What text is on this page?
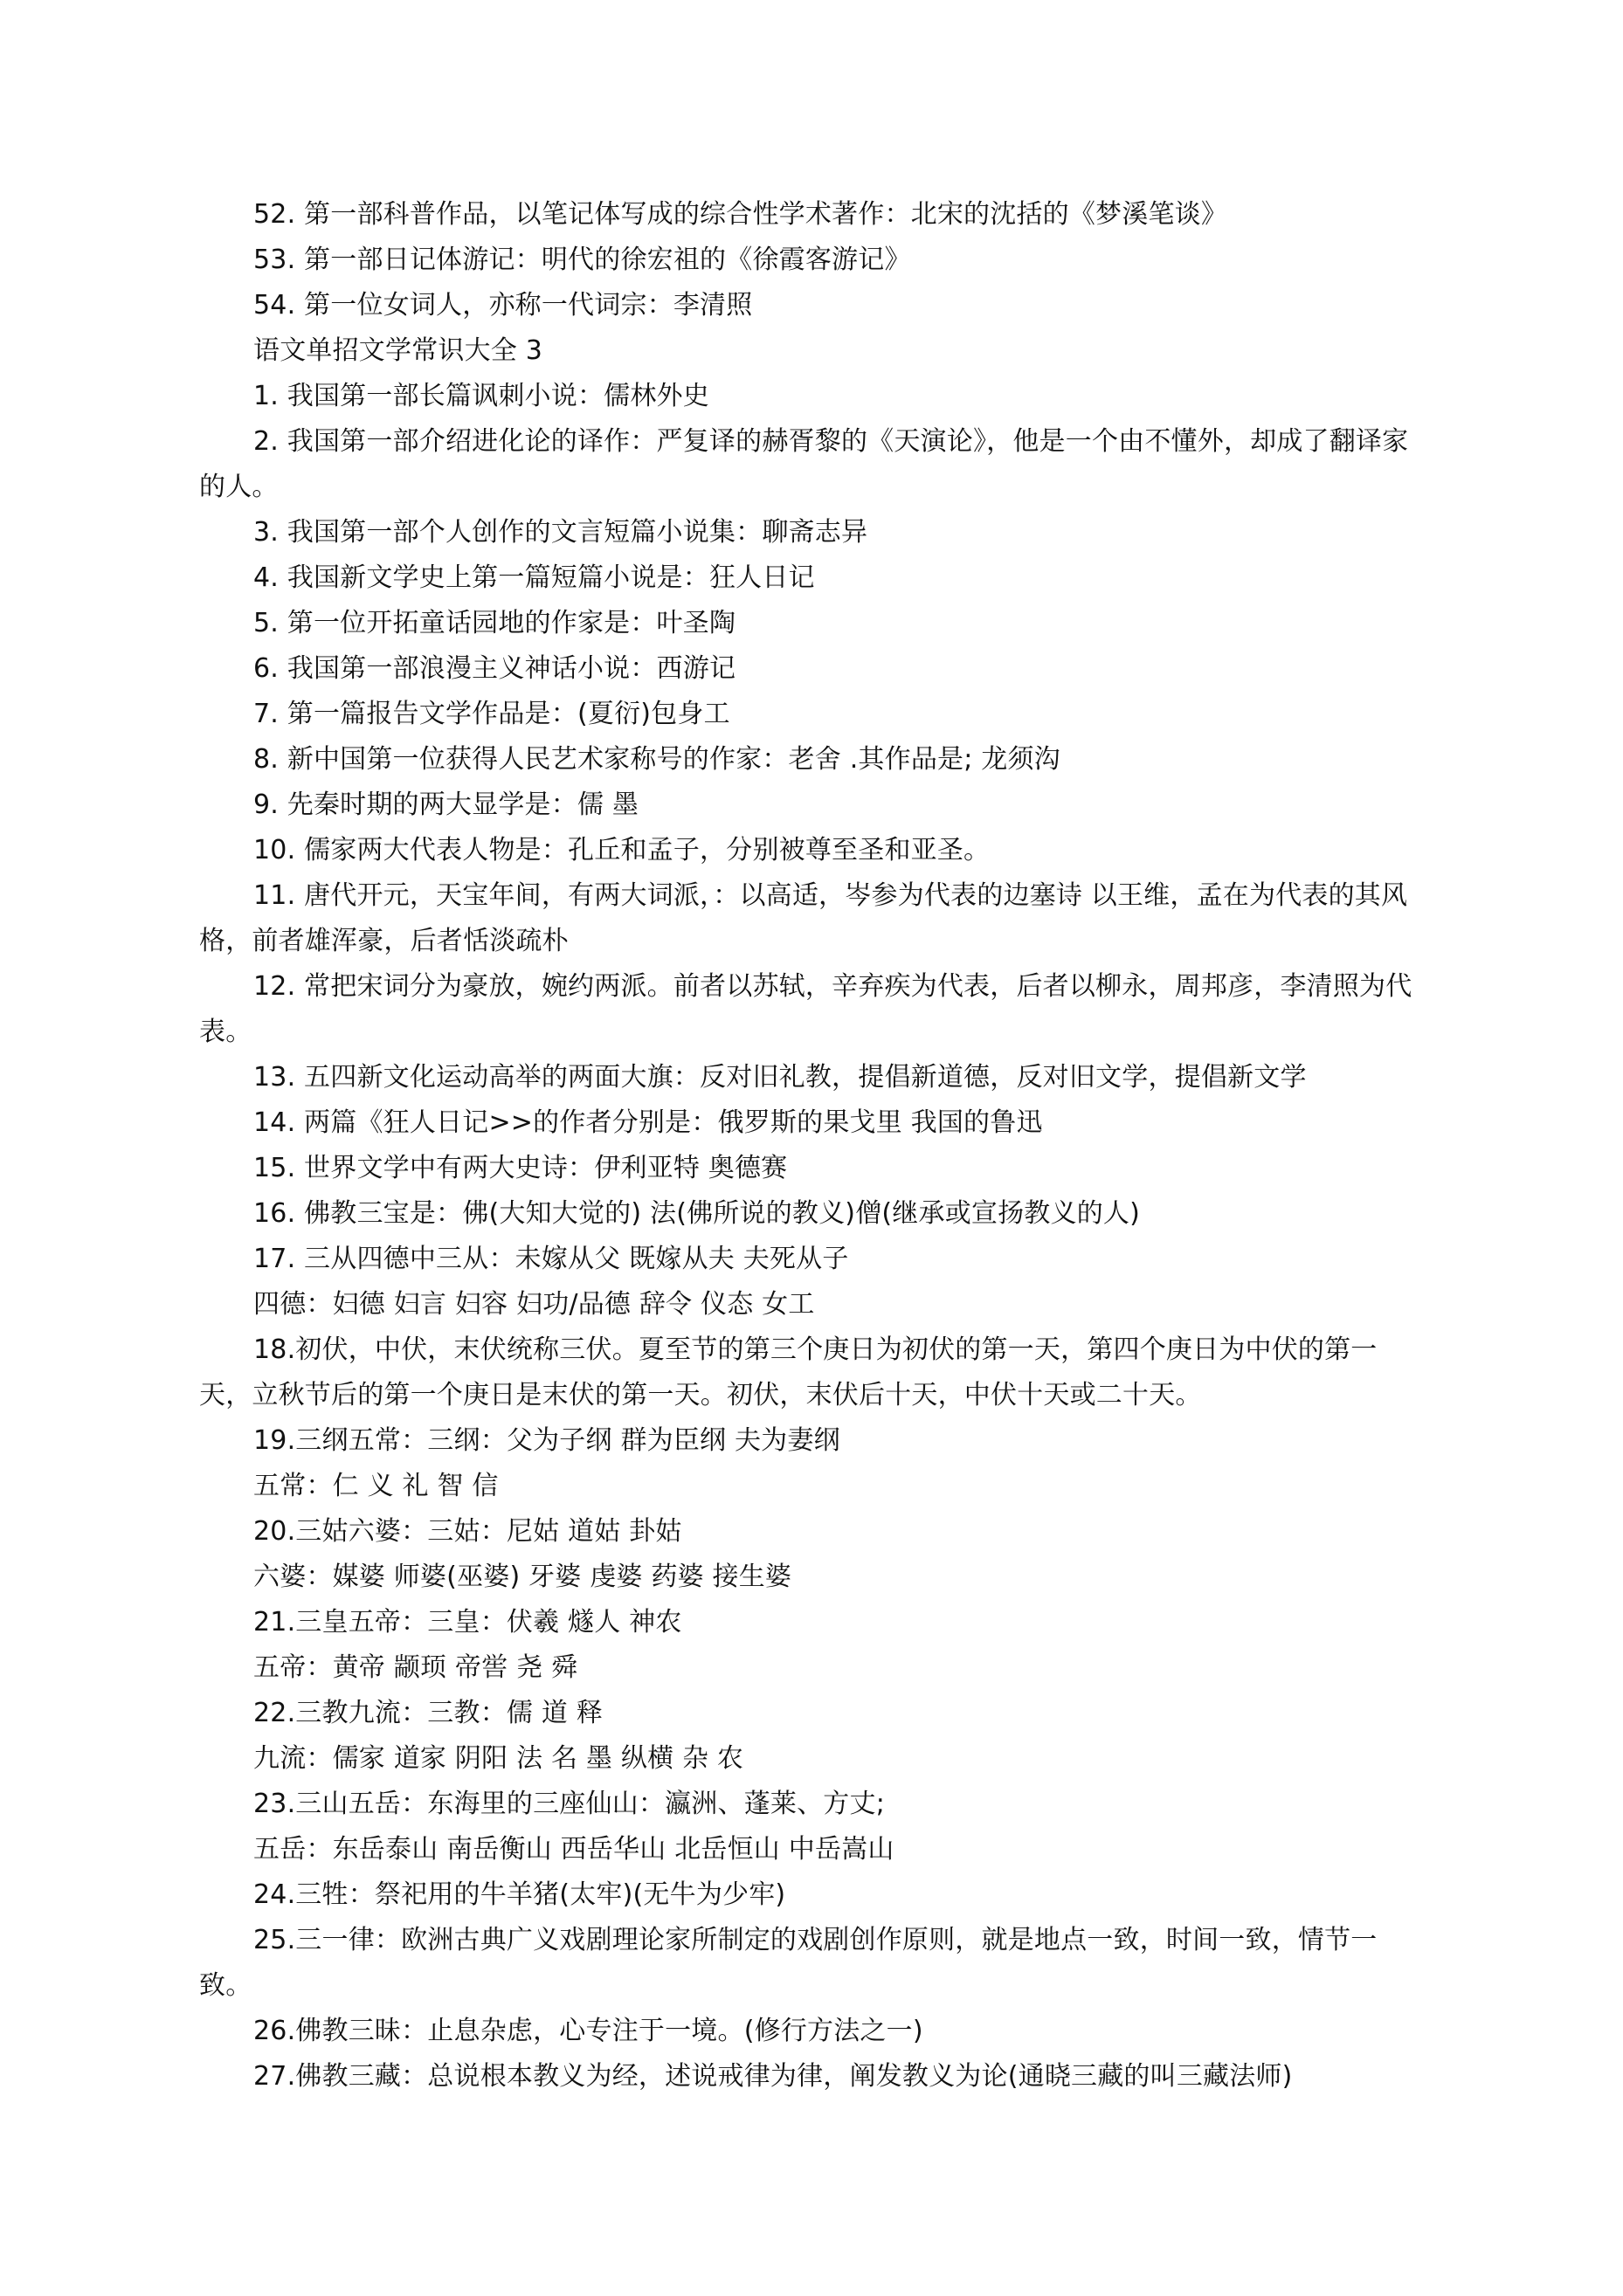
52. 第一部科普作品，以笔记体写成的综合性学术著作：北宋的沈括的《梦溪笔谈》

53. 第一部日记体游记：明代的徐宏祖的《徐霞客游记》

54. 第一位女词人，亦称一代词宗：李清照

语文单招文学常识大全 3

1. 我国第一部长篇讽刺小说：儒林外史

2. 我国第一部介绍进化论的译作：严复译的赫胥黎的《天演论》，他是一个由不懂外，却成了翻译家的人。

3. 我国第一部个人创作的文言短篇小说集：聊斋志异

4. 我国新文学史上第一篇短篇小说是：狂人日记

5. 第一位开拓童话园地的作家是：叶圣陶

6. 我国第一部浪漫主义神话小说：西游记

7. 第一篇报告文学作品是：(夏衍)包身工

8. 新中国第一位获得人民艺术家称号的作家：老舍 .其作品是; 龙须沟

9. 先秦时期的两大显学是：儒 墨

10. 儒家两大代表人物是：孔丘和孟子，分别被尊至圣和亚圣。

11. 唐代开元，天宝年间，有两大词派，：以高适，岑参为代表的边塞诗 以王维，孟在为代表的其风格，前者雄浑豪，后者恬淡疏朴

12. 常把宋词分为豪放，婉约两派。前者以苏轼，辛弃疾为代表，后者以柳永，周邦彦，李清照为代表。

13. 五四新文化运动高举的两面大旗：反对旧礼教，提倡新道德，反对旧文学，提倡新文学

14. 两篇《狂人日记>>的作者分别是：俄罗斯的果戈里 我国的鲁迅

15. 世界文学中有两大史诗：伊利亚特 奥德赛

16. 佛教三宝是：佛(大知大觉的) 法(佛所说的教义)僧(继承或宣扬教义的人)

17. 三从四德中三从：未嫁从父 既嫁从夫 夫死从子

四德：妇德 妇言 妇容 妇功/品德 辞令 仪态 女工

18.初伏，中伏，末伏统称三伏。夏至节的第三个庚日为初伏的第一天，第四个庚日为中伏的第一天，立秋节后的第一个庚日是末伏的第一天。初伏，末伏后十天，中伏十天或二十天。

19.三纲五常：三纲：父为子纲 群为臣纲 夫为妻纲

五常：仁 义 礼 智 信

20.三姑六婆：三姑：尼姑 道姑 卦姑

六婆：媒婆 师婆(巫婆) 牙婆 虔婆 药婆 接生婆

21.三皇五帝：三皇：伏羲 燧人 神农

五帝：黄帝 颛顼 帝喾 尧 舜

22.三教九流：三教：儒 道 释

九流：儒家 道家 阴阳 法 名 墨 纵横 杂 农

23.三山五岳：东海里的三座仙山：瀛洲、蓬莱、方丈;

五岳：东岳泰山 南岳衡山 西岳华山 北岳恒山 中岳嵩山

24.三牲：祭祀用的牛羊猪(太牢)(无牛为少牢)

25.三一律：欧洲古典广义戏剧理论家所制定的戏剧创作原则，就是地点一致，时间一致，情节一致。

26.佛教三昧：止息杂虑，心专注于一境。(修行方法之一)

27.佛教三藏：总说根本教义为经，述说戒律为律，阐发教义为论(通晓三藏的叫三藏法师)
